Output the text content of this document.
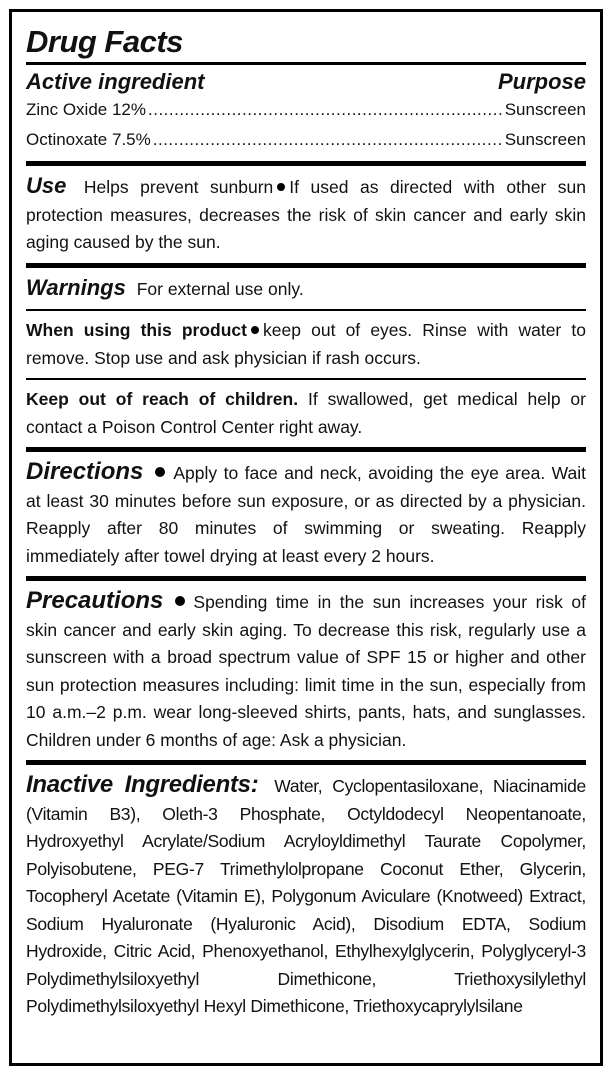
Drug Facts
Active ingredient	Purpose
Zinc Oxide 12% .....	Sunscreen
Octinoxate 7.5% .....	Sunscreen
Use Helps prevent sunburn If used as directed with other sun protection measures, decreases the risk of skin cancer and early skin aging caused by the sun.
Warnings For external use only.
When using this product keep out of eyes. Rinse with water to remove. Stop use and ask physician if rash occurs.
Keep out of reach of children. If swallowed, get medical help or contact a Poison Control Center right away.
Directions Apply to face and neck, avoiding the eye area. Wait at least 30 minutes before sun exposure, or as directed by a physician. Reapply after 80 minutes of swimming or sweating. Reapply immediately after towel drying at least every 2 hours.
Precautions Spending time in the sun increases your risk of skin cancer and early skin aging. To decrease this risk, regularly use a sunscreen with a broad spectrum value of SPF 15 or higher and other sun protection measures including: limit time in the sun, especially from 10 a.m.–2 p.m. wear long-sleeved shirts, pants, hats, and sunglasses. Children under 6 months of age: Ask a physician.
Inactive Ingredients: Water, Cyclopentasiloxane, Niacinamide (Vitamin B3), Oleth-3 Phosphate, Octyldodecyl Neopentanoate, Hydroxyethyl Acrylate/Sodium Acryloyldimethyl Taurate Copolymer, Polyisobutene, PEG-7 Trimethylolpropane Coconut Ether, Glycerin, Tocopheryl Acetate (Vitamin E), Polygonum Aviculare (Knotweed) Extract, Sodium Hyaluronate (Hyaluronic Acid), Disodium EDTA, Sodium Hydroxide, Citric Acid, Phenoxyethanol, Ethylhexylglycerin, Polyglyceryl-3 Polydimethylsiloxyethyl Dimethicone, Triethoxysilylethyl Polydimethylsiloxyethyl Hexyl Dimethicone, Triethoxycaprylylsilane
